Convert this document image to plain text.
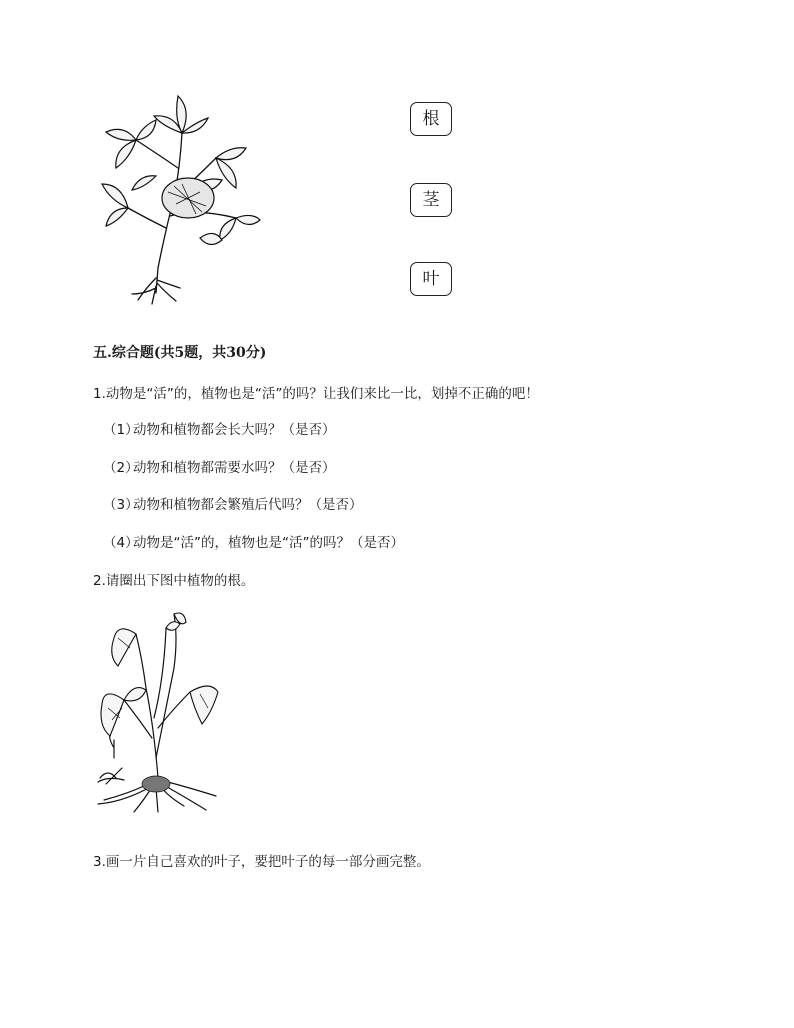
根
茎
叶
五.综合题(共5题，共30分)
1.动物是“活”的，植物也是“活”的吗？让我们来比一比，划掉不正确的吧！
（1）动物和植物都会长大吗？（是否）
（2）动物和植物都需要水吗？（是否）
（3）动物和植物都会繁殖后代吗？（是否）
（4）动物是“活”的，植物也是“活”的吗？（是否）
2.请圈出下图中植物的根。
3.画一片自己喜欢的叶子，要把叶子的每一部分画完整。
